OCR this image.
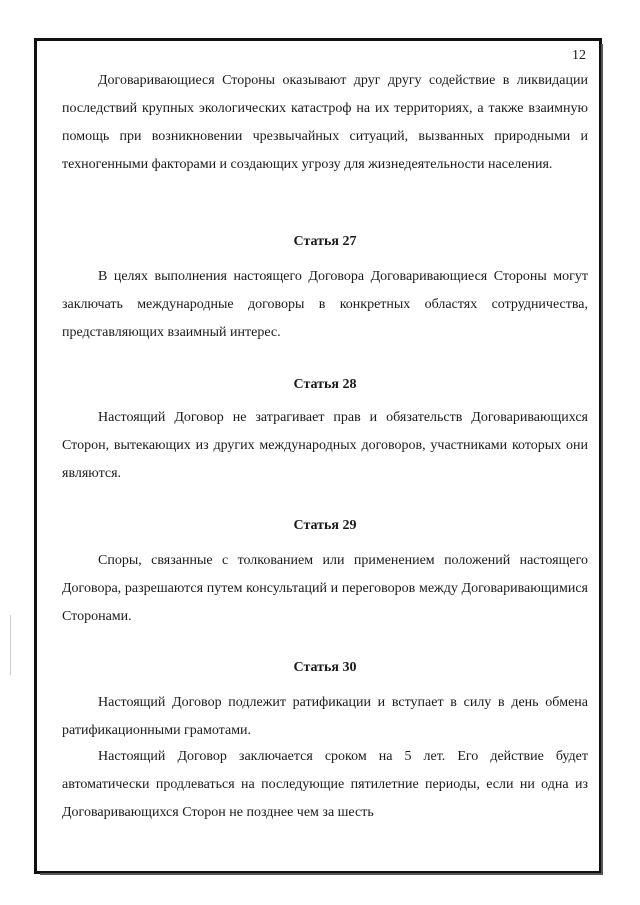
12

Договаривающиеся Стороны оказывают друг другу содействие в ликвидации последствий крупных экологических катастроф на их территориях, а также взаимную помощь при возникновении чрезвычайных ситуаций, вызванных природными и техногенными факторами и создающих угрозу для жизнедеятельности населения.

Статья 27

В целях выполнения настоящего Договора Договаривающиеся Стороны могут заключать международные договоры в конкретных областях сотрудничества, представляющих взаимный интерес.

Статья 28

Настоящий Договор не затрагивает прав и обязательств Договаривающихся Сторон, вытекающих из других международных договоров, участниками которых они являются.

Статья 29

Споры, связанные с толкованием или применением положений настоящего Договора, разрешаются путем консультаций и переговоров между Договаривающимися Сторонами.

Статья 30

Настоящий Договор подлежит ратификации и вступает в силу в день обмена ратификационными грамотами.

Настоящий Договор заключается сроком на 5 лет. Его действие будет автоматически продлеваться на последующие пятилетние периоды, если ни одна из Договаривающихся Сторон не позднее чем за шесть
